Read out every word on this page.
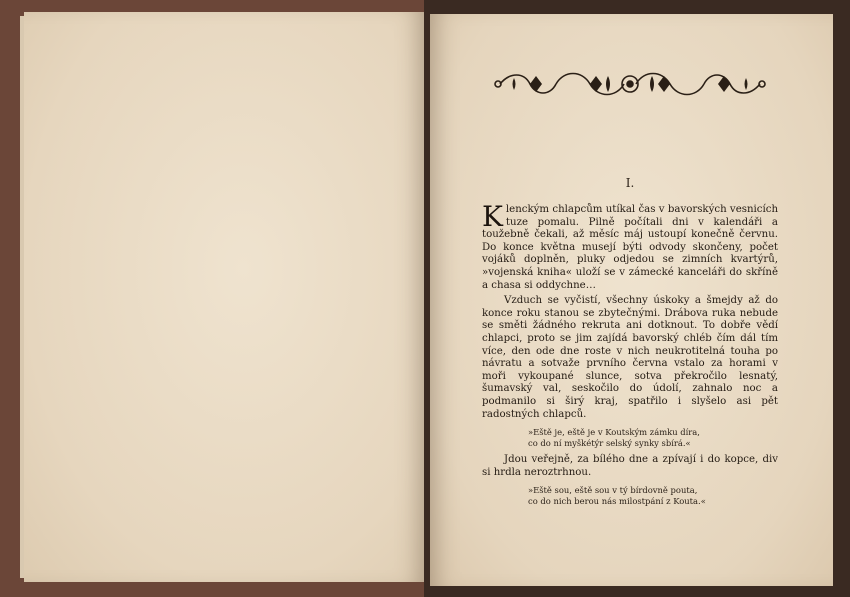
I.
Klenckým chlapcům utíkal čas v bavorských vesnicích tuze pomalu. Pilně počítali dni v kalendáři a toužebně čekali, až měsíc máj ustoupí konečně červnu. Do konce května musejí býti odvody skončeny, počet vojáků doplněn, pluky odjedou se zimních kvartýrů, »vojenská kniha« uloží se v zámecké kanceláři do skříně a chasa si oddychne…
Vzduch se vyčistí, všechny úskoky a šmejdy až do konce roku stanou se zbytečnými. Drábova ruka nebude se směti žádného rekruta ani dotknout. To dobře vědí chlapci, proto se jim zajídá bavorský chléb čím dál tím více, den ode dne roste v nich neukrotitelná touha po návratu a sotvaže prvního června vstalo za horami v moři vykoupané slunce, sotva překročilo lesnatý, šumavský val, seskočilo do údolí, zahnalo noc a podmanilo si širý kraj, spatřilo i slyšelo asi pět radostných chlapců.
»Eště je, eště je v Koutským zámku díra,
co do ní myškétýr selský synky sbírá.«
Jdou veřejně, za bílého dne a zpívají i do kopce, div si hrdla neroztrhnou.
»Eště sou, eště sou v tý bírdovně pouta,
co do nich berou nás milostpání z Kouta.«
